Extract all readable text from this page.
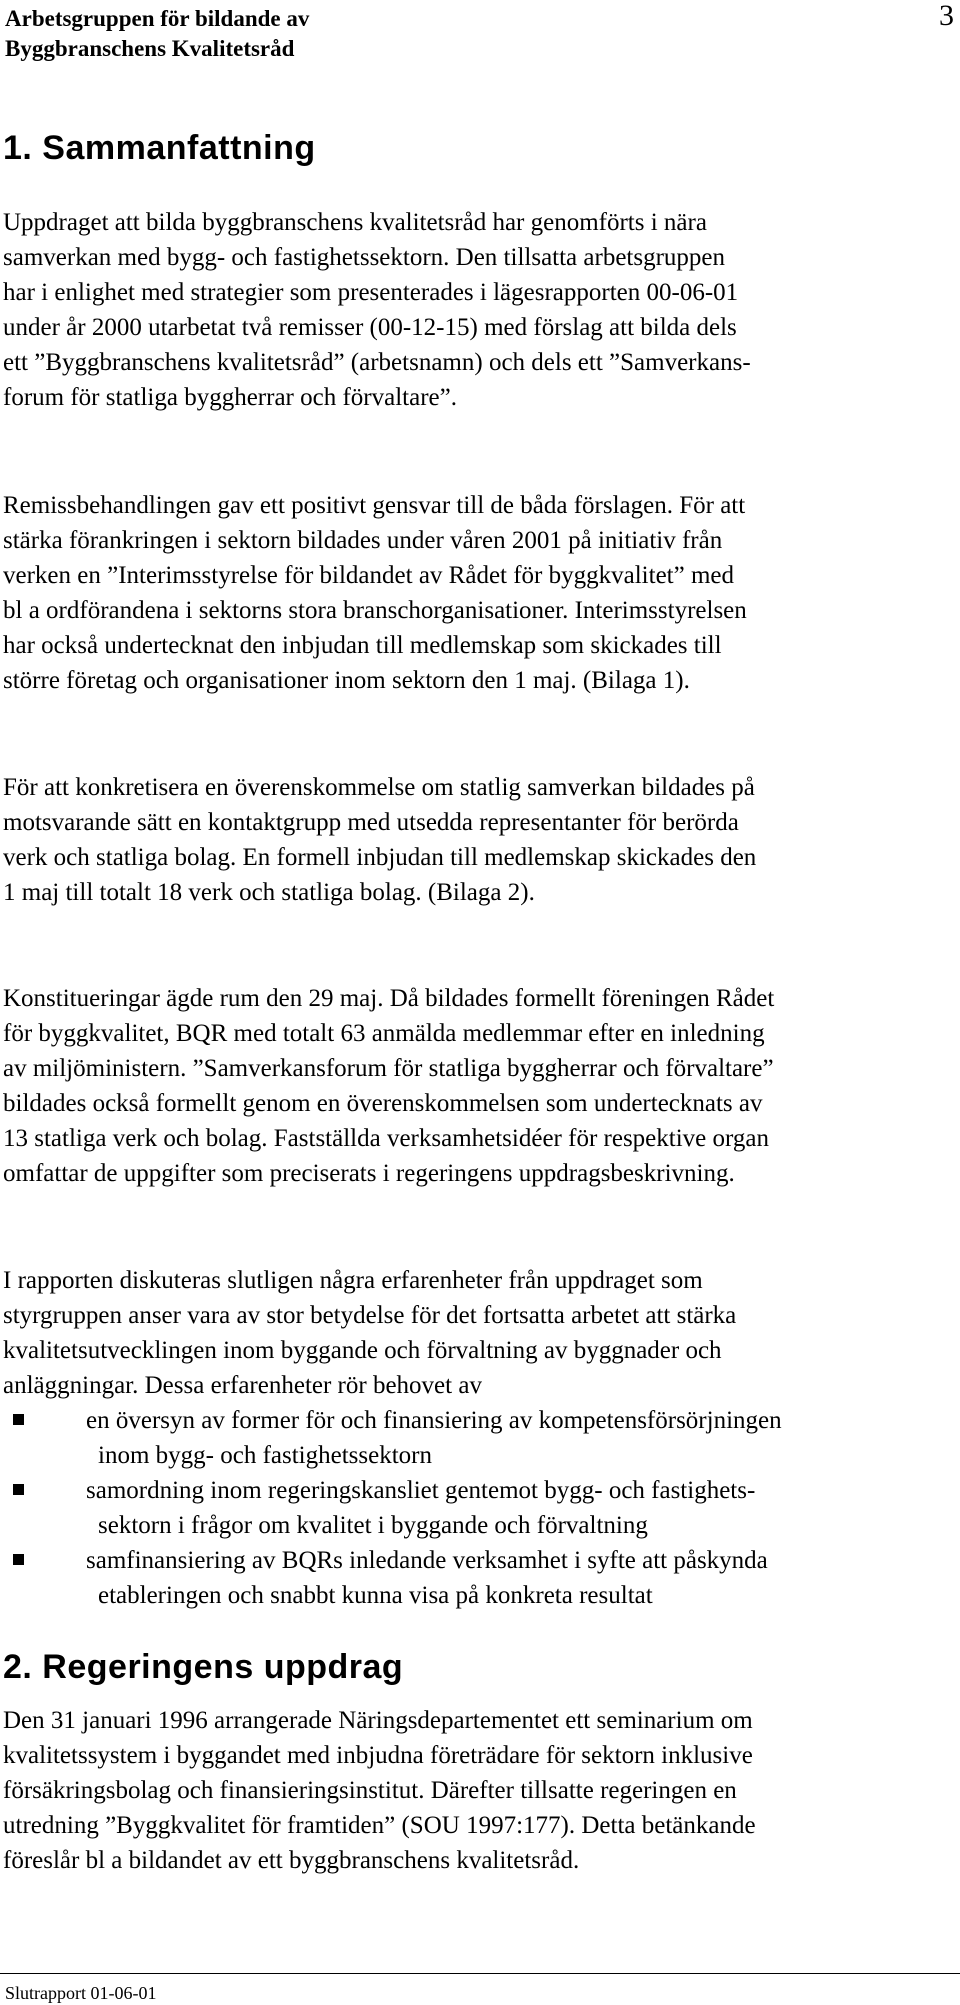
Arbetsgruppen för bildande av
Byggbranschens Kvalitetsråd
3
1. Sammanfattning

Uppdraget att bilda byggbranschens kvalitetsråd har genomförts i nära

samverkan med bygg- och fastighetssektorn. Den tillsatta arbetsgruppen

har i enlighet med strategier som presenterades i lägesrapporten 00-06-01

under år 2000 utarbetat två remisser (00-12-15) med förslag att bilda dels

ett ”Byggbranschens kvalitetsråd” (arbetsnamn) och dels ett ”Samverkans-

forum för statliga byggherrar och förvaltare”.

Remissbehandlingen gav ett positivt gensvar till de båda förslagen. För att

stärka förankringen i sektorn bildades under våren 2001 på initiativ från

verken en ”Interimsstyrelse för bildandet av Rådet för byggkvalitet” med

bl a ordförandena i sektorns stora branschorganisationer. Interimsstyrelsen

har också undertecknat den inbjudan till medlemskap som skickades till

större företag och organisationer inom sektorn den 1 maj. (Bilaga 1).

För att konkretisera en överenskommelse om statlig samverkan bildades på

motsvarande sätt en kontaktgrupp med utsedda representanter för berörda

verk och statliga bolag. En formell inbjudan till medlemskap skickades den

1 maj till totalt 18 verk och statliga bolag. (Bilaga 2).

Konstitueringar ägde rum den 29 maj. Då bildades formellt föreningen Rådet

för byggkvalitet, BQR med totalt 63 anmälda medlemmar efter en inledning

av miljöministern. ”Samverkansforum för statliga byggherrar och förvaltare”

bildades också formellt genom en överenskommelsen som undertecknats av

13 statliga verk och bolag. Fastställda verksamhetsidéer för respektive organ

omfattar de uppgifter som preciserats i regeringens uppdragsbeskrivning.

I rapporten diskuteras slutligen några erfarenheter från uppdraget som

styrgruppen anser vara av stor betydelse för det fortsatta arbetet att stärka

kvalitetsutvecklingen inom byggande och förvaltning av byggnader och

anläggningar. Dessa erfarenheter rör behovet av

en översyn av former för och finansiering av kompetensförsörjningen
inom bygg- och fastighetssektorn
samordning inom regeringskansliet gentemot bygg- och fastighets-
sektorn i frågor om kvalitet i byggande och förvaltning
samfinansiering av BQRs inledande verksamhet i syfte att påskynda
etableringen och snabbt kunna visa på konkreta resultat
2. Regeringens uppdrag

Den 31 januari 1996 arrangerade Näringsdepartementet ett seminarium om

kvalitetssystem i byggandet med inbjudna företrädare för sektorn inklusive

försäkringsbolag och finansieringsinstitut. Därefter tillsatte regeringen en

utredning ”Byggkvalitet för framtiden” (SOU 1997:177). Detta betänkande

föreslår bl a bildandet av ett byggbranschens kvalitetsråd.

Slutrapport 01-06-01
